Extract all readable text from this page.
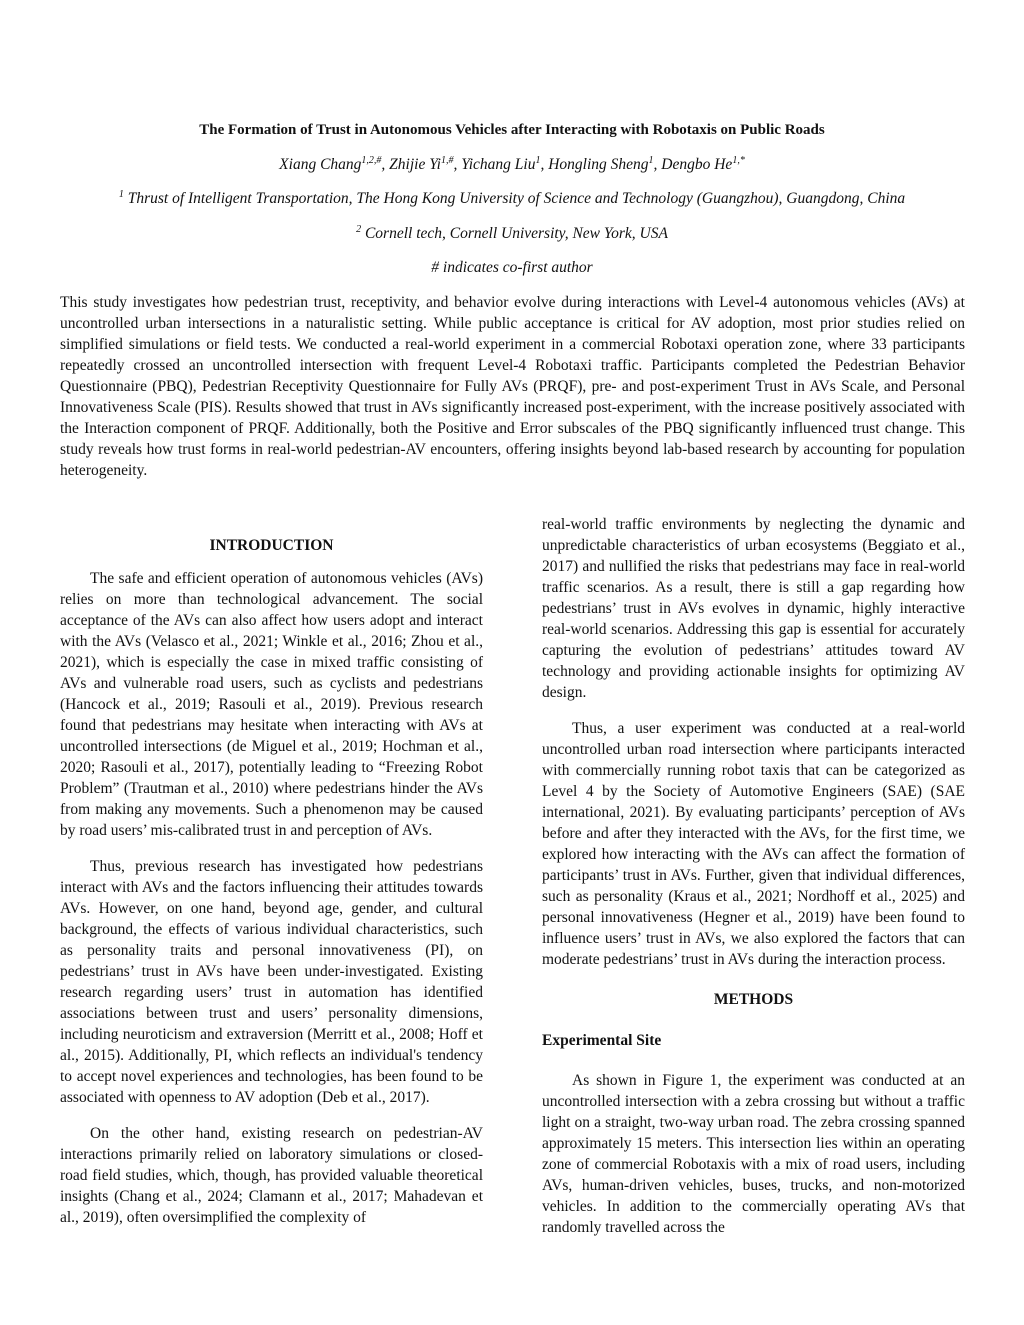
The Formation of Trust in Autonomous Vehicles after Interacting with Robotaxis on Public Roads
Xiang Chang$^{1,2,\#}$, Zhijie $Yi^{1,\#}$, Yichang Liu$^1$, Hongling Sheng$^1$, Dengbo $He^{1,*}$
$^1$ Thrust of Intelligent Transportation, The Hong Kong University of Science and Technology (Guangzhou), Guangdong, China
$^2$ Cornell tech, Cornell University, New York, USA
# indicates co-first author

This study investigates how pedestrian trust, receptivity, and behavior evolve during interactions with Level-4 autonomous vehicles (AVs) at uncontrolled urban intersections in a naturalistic setting. While public acceptance is critical for AV adoption, most prior studies relied on simplified simulations or field tests. We conducted a real-world experiment in a commercial Robotaxi operation zone, where 33 participants repeatedly crossed an uncontrolled intersection with frequent Level-4 Robotaxi traffic. Participants completed the Pedestrian Behavior Questionnaire (PBQ), Pedestrian Receptivity Questionnaire for Fully AVs (PRQF), pre- and post-experiment Trust in AVs Scale, and Personal Innovativeness Scale (PIS). Results showed that trust in AVs significantly increased post-experiment, with the increase positively associated with the Interaction component of PRQF. Additionally, both the Positive and Error subscales of the PBQ significantly influenced trust change. This study reveals how trust forms in real-world pedestrian-AV encounters, offering insights beyond lab-based research by accounting for population heterogeneity.

INTRODUCTION

The safe and efficient operation of autonomous vehicles (AVs) relies on more than technological advancement. The social acceptance of the AVs can also affect how users adopt and interact with the AVs (Velasco et al., 2021; Winkle et al., 2016; Zhou et al., 2021), which is especially the case in mixed traffic consisting of AVs and vulnerable road users, such as cyclists and pedestrians (Hancock et al., 2019; Rasouli et al., 2019). Previous research found that pedestrians may hesitate when interacting with AVs at uncontrolled intersections (de Miguel et al., 2019; Hochman et al., 2020; Rasouli et al., 2017), potentially leading to “Freezing Robot Problem” (Trautman et al., 2010) where pedestrians hinder the AVs from making any movements. Such a phenomenon may be caused by road users’ mis-calibrated trust in and perception of AVs.

Thus, previous research has investigated how pedestrians interact with AVs and the factors influencing their attitudes towards AVs. However, on one hand, beyond age, gender, and cultural background, the effects of various individual characteristics, such as personality traits and personal innovativeness (PI), on pedestrians’ trust in AVs have been under-investigated. Existing research regarding users’ trust in automation has identified associations between trust and users’ personality dimensions, including neuroticism and extraversion (Merritt et al., 2008; Hoff et al., 2015). Additionally, PI, which reflects an individual's tendency to accept novel experiences and technologies, has been found to be associated with openness to AV adoption (Deb et al., 2017).

On the other hand, existing research on pedestrian-AV interactions primarily relied on laboratory simulations or closed-road field studies, which, though, has provided valuable theoretical insights (Chang et al., 2024; Clamann et al., 2017; Mahadevan et al., 2019), often oversimplified the complexity of

real-world traffic environments by neglecting the dynamic and unpredictable characteristics of urban ecosystems (Beggiato et al., 2017) and nullified the risks that pedestrians may face in real-world traffic scenarios. As a result, there is still a gap regarding how pedestrians’ trust in AVs evolves in dynamic, highly interactive real-world scenarios. Addressing this gap is essential for accurately capturing the evolution of pedestrians’ attitudes toward AV technology and providing actionable insights for optimizing AV design.

Thus, a user experiment was conducted at a real-world uncontrolled urban road intersection where participants interacted with commercially running robot taxis that can be categorized as Level 4 by the Society of Automotive Engineers (SAE) (SAE international, 2021). By evaluating participants’ perception of AVs before and after they interacted with the AVs, for the first time, we explored how interacting with the AVs can affect the formation of participants’ trust in AVs. Further, given that individual differences, such as personality (Kraus et al., 2021; Nordhoff et al., 2025) and personal innovativeness (Hegner et al., 2019) have been found to influence users’ trust in AVs, we also explored the factors that can moderate pedestrians’ trust in AVs during the interaction process.

METHODS
Experimental Site

As shown in Figure 1, the experiment was conducted at an uncontrolled intersection with a zebra crossing but without a traffic light on a straight, two-way urban road. The zebra crossing spanned approximately 15 meters. This intersection lies within an operating zone of commercial Robotaxis with a mix of road users, including AVs, human-driven vehicles, buses, trucks, and non-motorized vehicles. In addition to the commercially operating AVs that randomly travelled across the
